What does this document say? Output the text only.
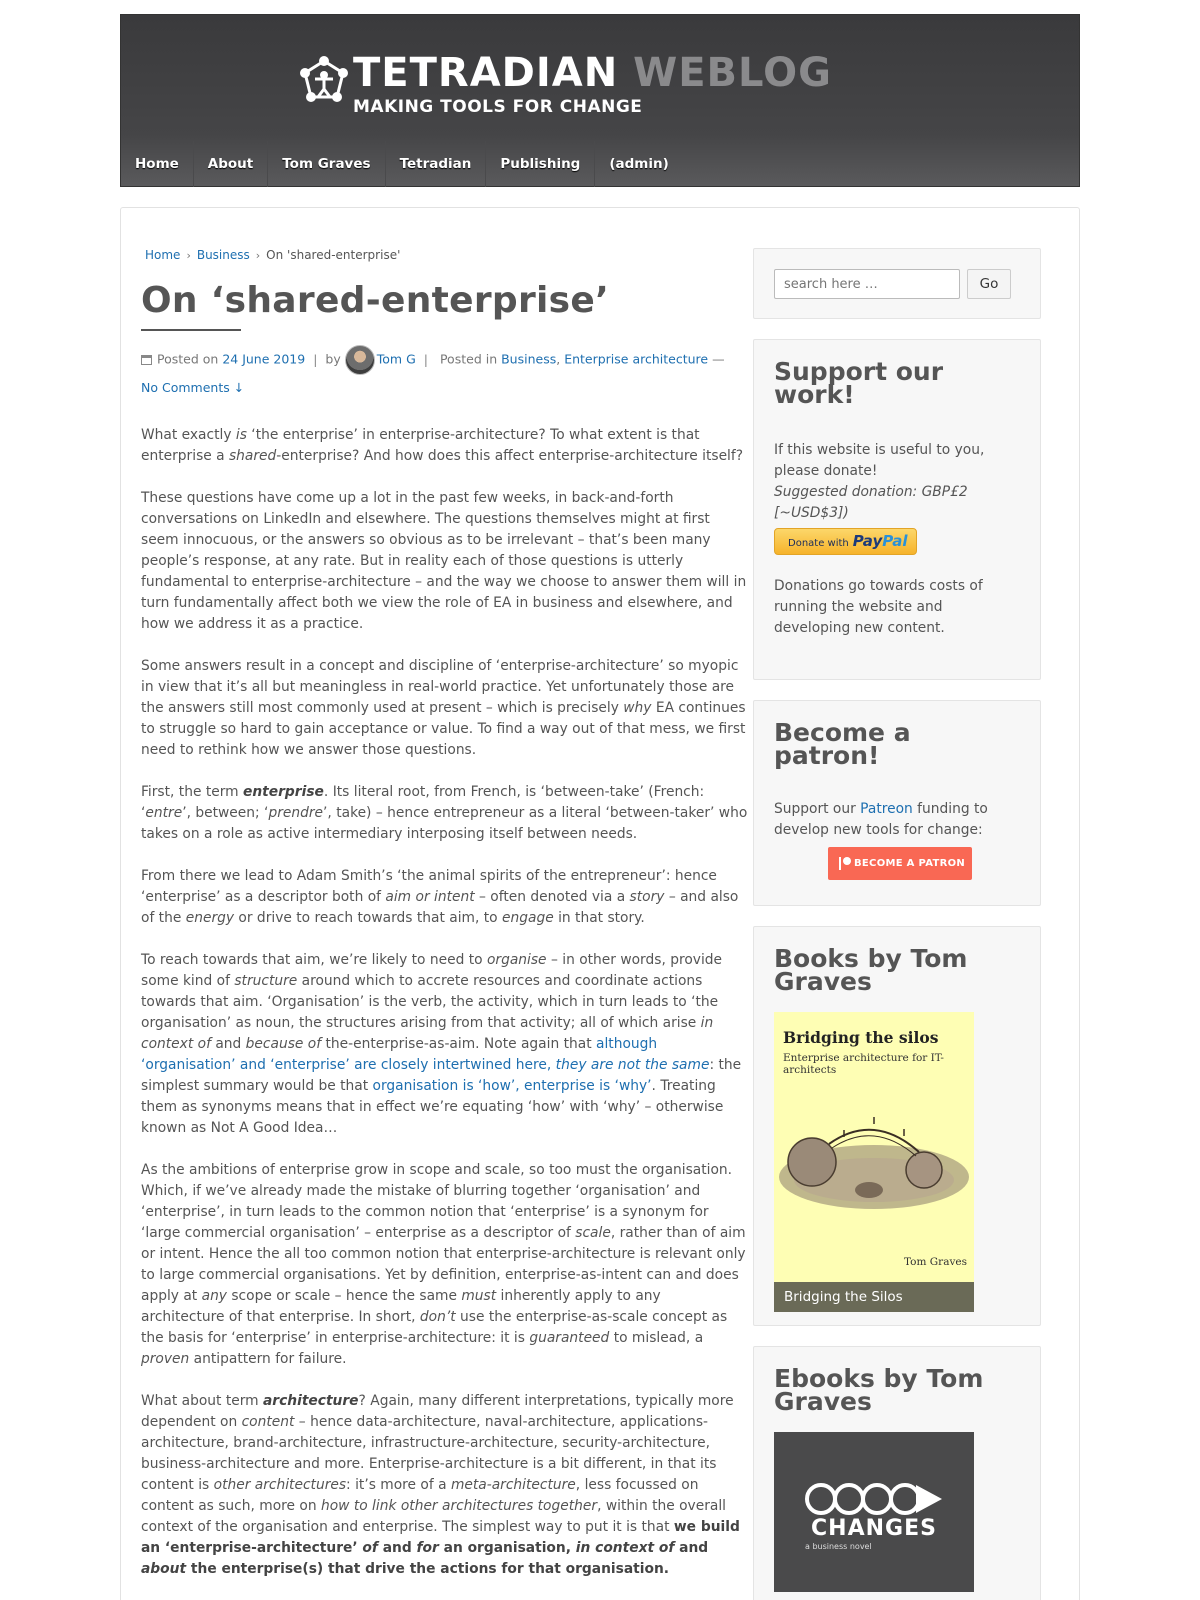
TETRADIAN WEBLOG
MAKING TOOLS FOR CHANGE
Home	About	Tom Graves	Tetradian	Publishing	(admin)
Home › Business › On 'shared-enterprise'
On ‘shared-enterprise’
Posted on 24 June 2019 | by	Tom G | Posted in Business, Enterprise architecture —
No Comments ↓

What exactly is ‘the enterprise’ in enterprise-architecture? To what extent is that enterprise a shared-enterprise? And how does this affect enterprise-architecture itself?

These questions have come up a lot in the past few weeks, in back-and-forth conversations on LinkedIn and elsewhere. The questions themselves might at first seem innocuous, or the answers so obvious as to be irrelevant – that’s been many people’s response, at any rate. But in reality each of those questions is utterly fundamental to enterprise-architecture – and the way we choose to answer them will in turn fundamentally affect both we view the role of EA in business and elsewhere, and how we address it as a practice.

Some answers result in a concept and discipline of ‘enterprise-architecture’ so myopic in view that it’s all but meaningless in real-world practice. Yet unfortunately those are the answers still most commonly used at present – which is precisely why EA continues to struggle so hard to gain acceptance or value. To find a way out of that mess, we first need to rethink how we answer those questions.

First, the term enterprise. Its literal root, from French, is ‘between-take’ (French: ‘entre’, between; ‘prendre’, take) – hence entrepreneur as a literal ‘between-taker’ who takes on a role as active intermediary interposing itself between needs.

From there we lead to Adam Smith’s ‘the animal spirits of the entrepreneur’: hence ‘enterprise’ as a descriptor both of aim or intent – often denoted via a story – and also of the energy or drive to reach towards that aim, to engage in that story.

To reach towards that aim, we’re likely to need to organise – in other words, provide some kind of structure around which to accrete resources and coordinate actions towards that aim. ‘Organisation’ is the verb, the activity, which in turn leads to ‘the organisation’ as noun, the structures arising from that activity; all of which arise in context of and because of the-enterprise-as-aim. Note again that although ‘organisation’ and ‘enterprise’ are closely intertwined here, they are not the same: the simplest summary would be that organisation is ‘how’, enterprise is ‘why’. Treating them as synonyms means that in effect we’re equating ‘how’ with ‘why’ – otherwise known as Not A Good Idea…

As the ambitions of enterprise grow in scope and scale, so too must the organisation. Which, if we’ve already made the mistake of blurring together ‘organisation’ and ‘enterprise’, in turn leads to the common notion that ‘enterprise’ is a synonym for ‘large commercial organisation’ – enterprise as a descriptor of scale, rather than of aim or intent. Hence the all too common notion that enterprise-architecture is relevant only to large commercial organisations. Yet by definition, enterprise-as-intent can and does apply at any scope or scale – hence the same must inherently apply to any architecture of that enterprise. In short, don’t use the enterprise-as-scale concept as the basis for ‘enterprise’ in enterprise-architecture: it is guaranteed to mislead, a proven antipattern for failure.

What about term architecture? Again, many different interpretations, typically more dependent on content – hence data-architecture, naval-architecture, applications-architecture, brand-architecture, infrastructure-architecture, security-architecture, business-architecture and more. Enterprise-architecture is a bit different, in that its content is other architectures: it’s more of a meta-architecture, less focussed on content as such, more on how to link other architectures together, within the overall context of the organisation and enterprise. The simplest way to put it is that we build an ‘enterprise-architecture’ of and for an organisation, in context of and about the enterprise(s) that drive the actions for that organisation.

search here …
Go
Support our work!
If this website is useful to you, please donate!
Suggested donation: GBP£2 [~USD$3])
Donate with PayPal
Donations go towards costs of running the website and developing new content.
Become a patron!
Support our Patreon funding to develop new tools for change:
BECOME A PATRON
Books by Tom Graves
Bridging the silos
Enterprise architecture for IT-architects
Tom Graves
Bridging the Silos
Ebooks by Tom Graves
CHANGES
a business novel
